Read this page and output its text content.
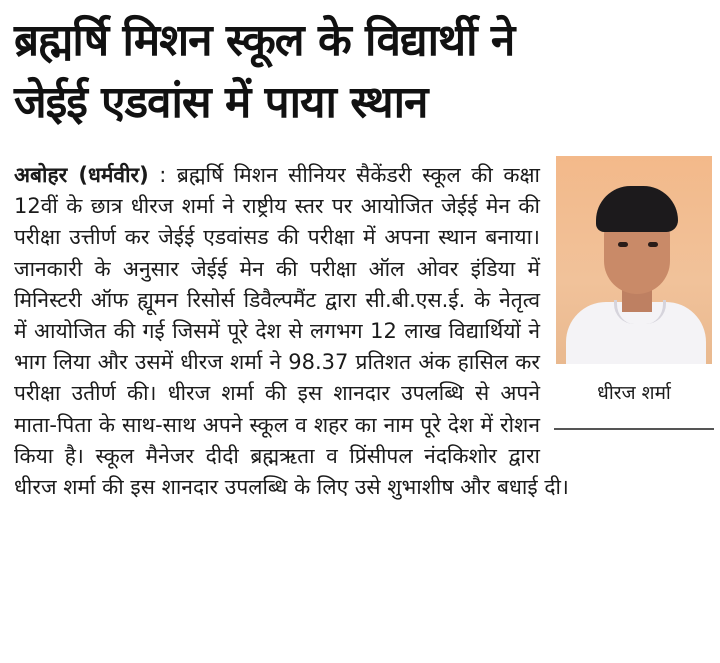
ब्रह्मर्षि मिशन स्कूल के विद्यार्थी ने
जेईई एडवांस में पाया स्थान
धीरज शर्मा
अबोहर (धर्मवीर) : ब्रह्मर्षि मिशन सीनियर सैकेंडरी स्कूल की कक्षा 12वीं के छात्र धीरज शर्मा ने राष्ट्रीय स्तर पर आयोजित जेईई मेन की परीक्षा उत्तीर्ण कर जेईई एडवांसड की परीक्षा में अपना स्थान बनाया। जानकारी के अनुसार जेईई मेन की परीक्षा ऑल ओवर इंडिया में मिनिस्टरी ऑफ ह्यूमन रिसोर्स डिवैल्पमैंट द्वारा सी.बी.एस.ई. के नेतृत्व में आयोजित की गई जिसमें पूरे देश से लगभग 12 लाख विद्यार्थियों ने भाग लिया और उसमें धीरज शर्मा ने 98.37 प्रतिशत अंक हासिल कर परीक्षा उतीर्ण की। धीरज शर्मा की इस शानदार उपलब्धि से अपने माता-पिता के साथ-साथ अपने स्कूल व शहर का नाम पूरे देश में रोशन किया है। स्कूल मैनेजर दीदी ब्रह्मऋता व प्रिंसीपल नंदकिशोर द्वारा धीरज शर्मा की इस शानदार उपलब्धि के लिए उसे शुभाशीष और बधाई दी।
